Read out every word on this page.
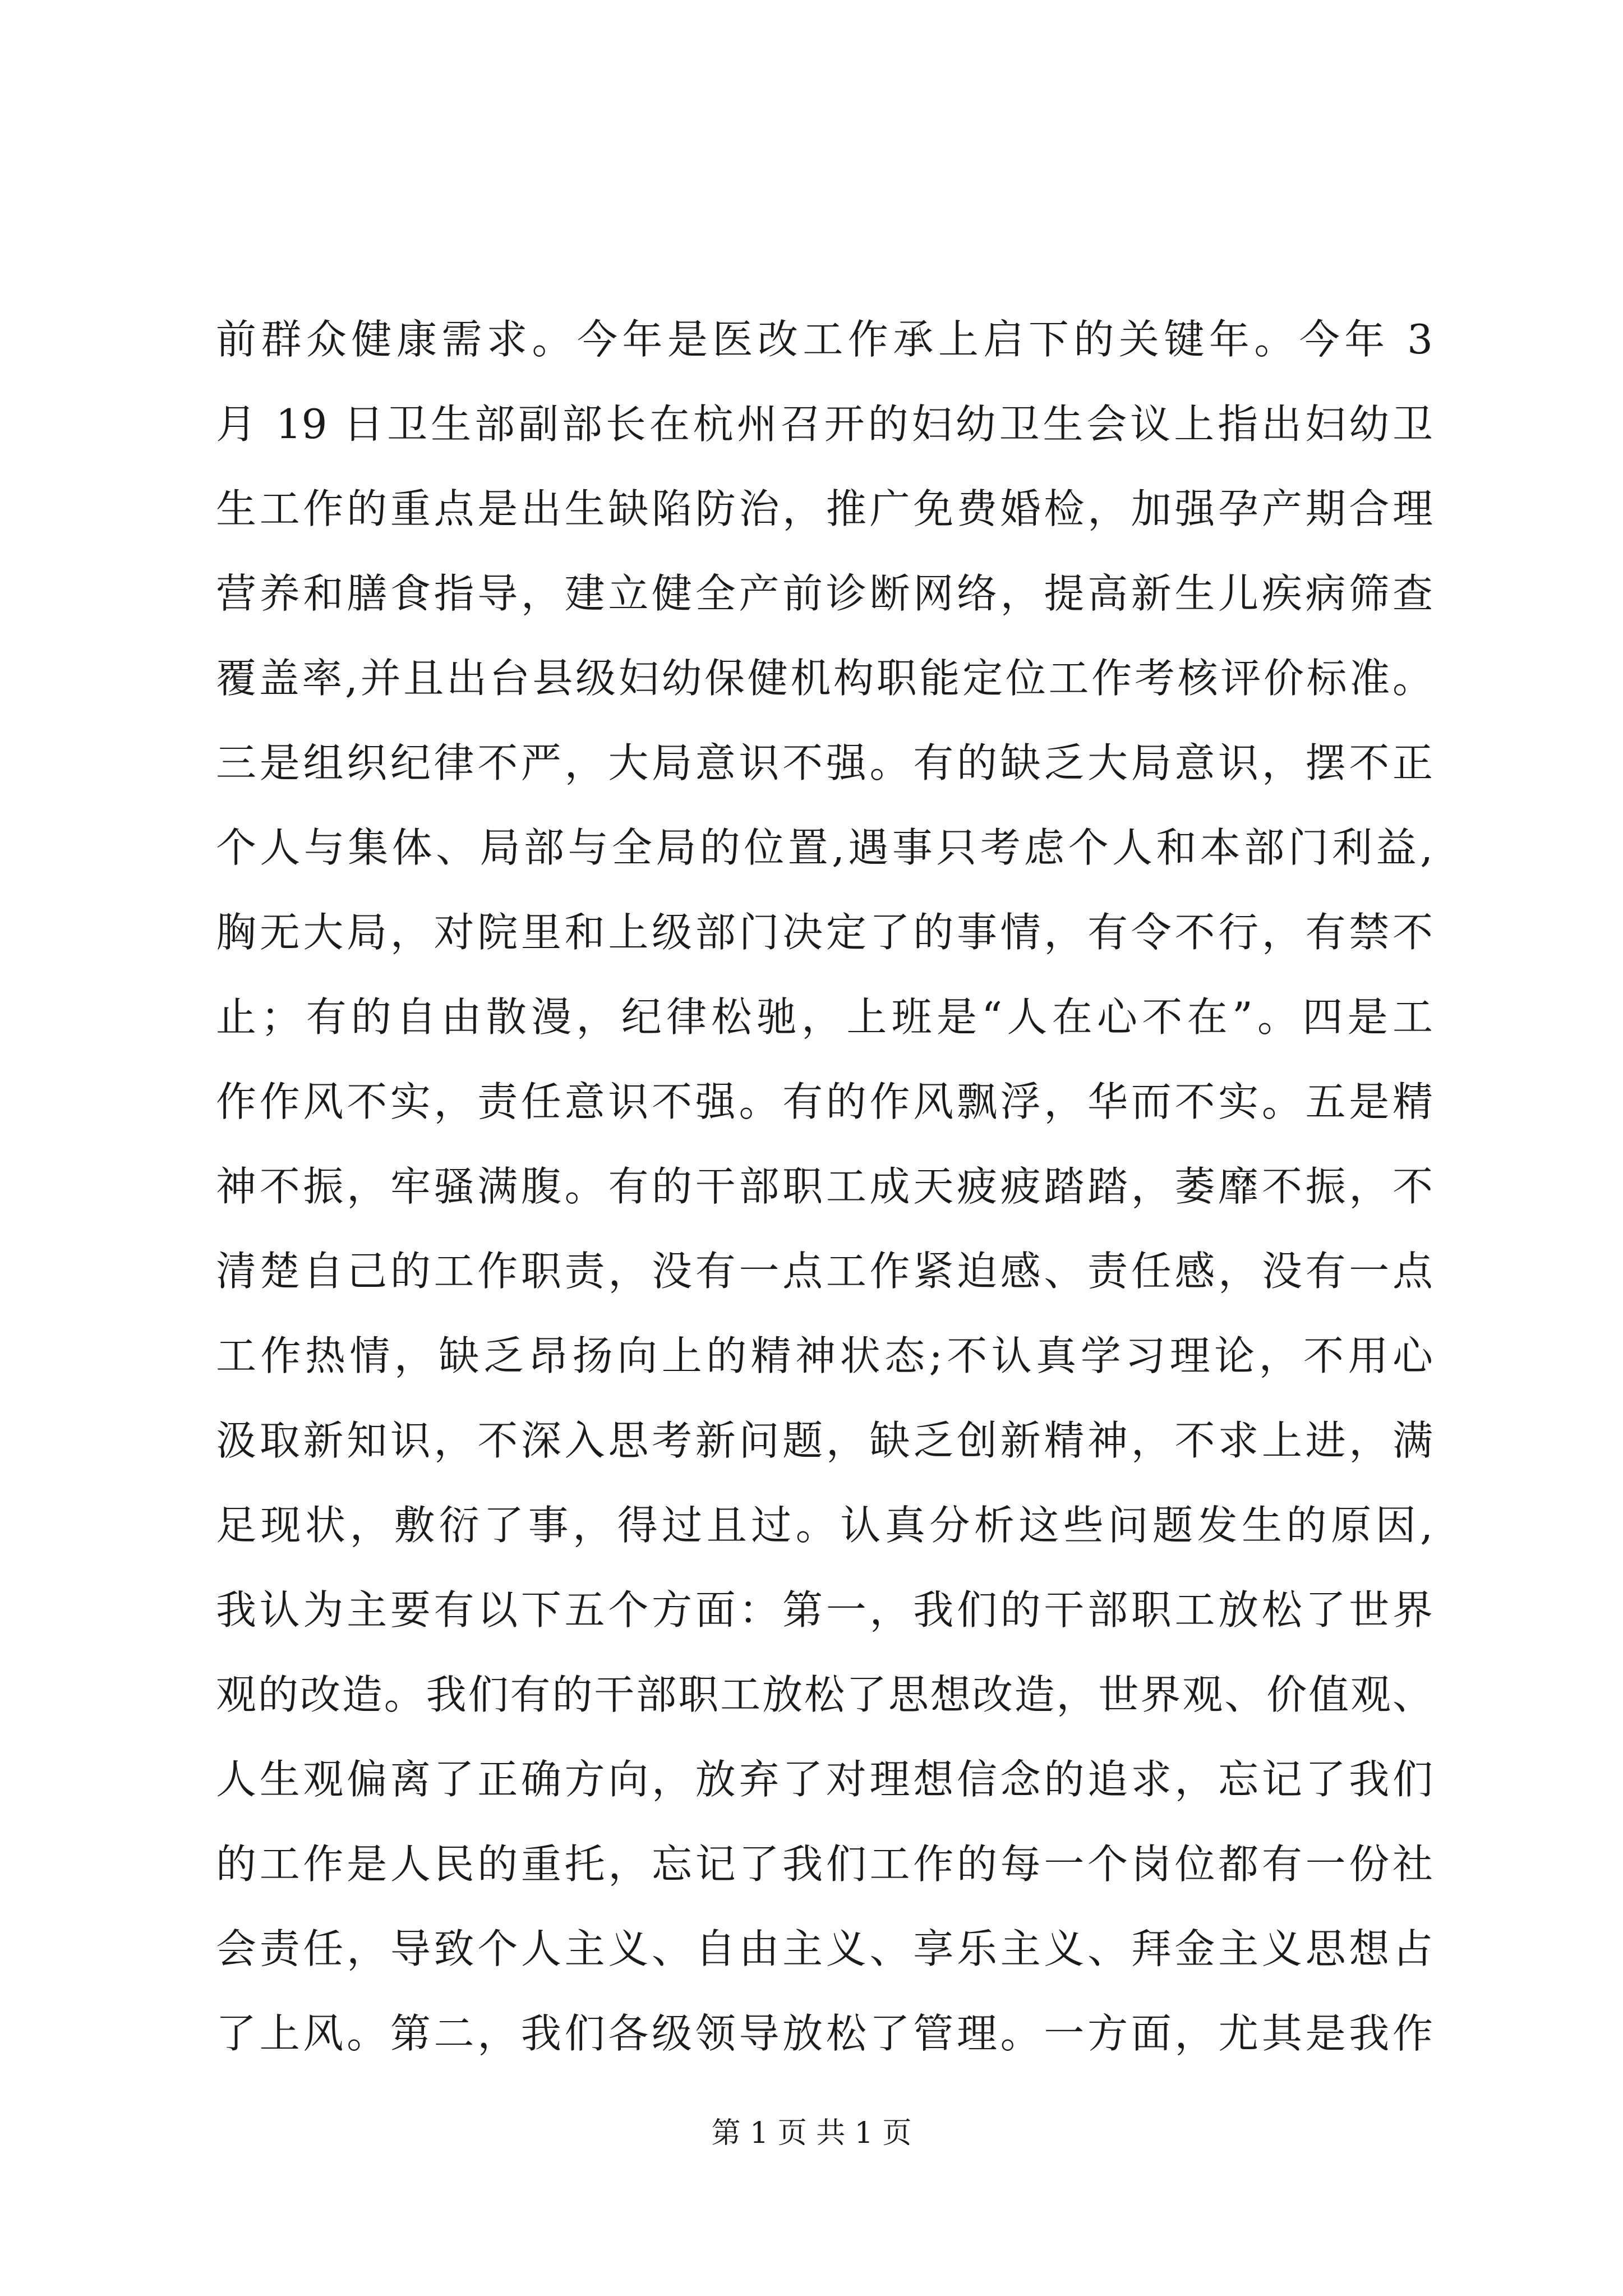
前群众健康需求。今年是医改工作承上启下的关键年。今年 3
月 19 日卫生部副部长在杭州召开的妇幼卫生会议上指出妇幼卫
生工作的重点是出生缺陷防治，推广免费婚检，加强孕产期合理
营养和膳食指导，建立健全产前诊断网络，提高新生儿疾病筛查
覆盖率,并且出台县级妇幼保健机构职能定位工作考核评价标准。
三是组织纪律不严，大局意识不强。有的缺乏大局意识，摆不正
个人与集体、局部与全局的位置,遇事只考虑个人和本部门利益,
胸无大局，对院里和上级部门决定了的事情，有令不行，有禁不
止；有的自由散漫，纪律松驰，上班是“人在心不在”。四是工
作作风不实，责任意识不强。有的作风飘浮，华而不实。五是精
神不振，牢骚满腹。有的干部职工成天疲疲踏踏，萎靡不振，不
清楚自己的工作职责，没有一点工作紧迫感、责任感，没有一点
工作热情，缺乏昂扬向上的精神状态;不认真学习理论，不用心
汲取新知识，不深入思考新问题，缺乏创新精神，不求上进，满
足现状，敷衍了事，得过且过。认真分析这些问题发生的原因,
我认为主要有以下五个方面：第一，我们的干部职工放松了世界
观的改造。我们有的干部职工放松了思想改造，世界观、价值观、
人生观偏离了正确方向，放弃了对理想信念的追求，忘记了我们
的工作是人民的重托，忘记了我们工作的每一个岗位都有一份社
会责任，导致个人主义、自由主义、享乐主义、拜金主义思想占
了上风。第二，我们各级领导放松了管理。一方面，尤其是我作
第 1 页 共 1 页
